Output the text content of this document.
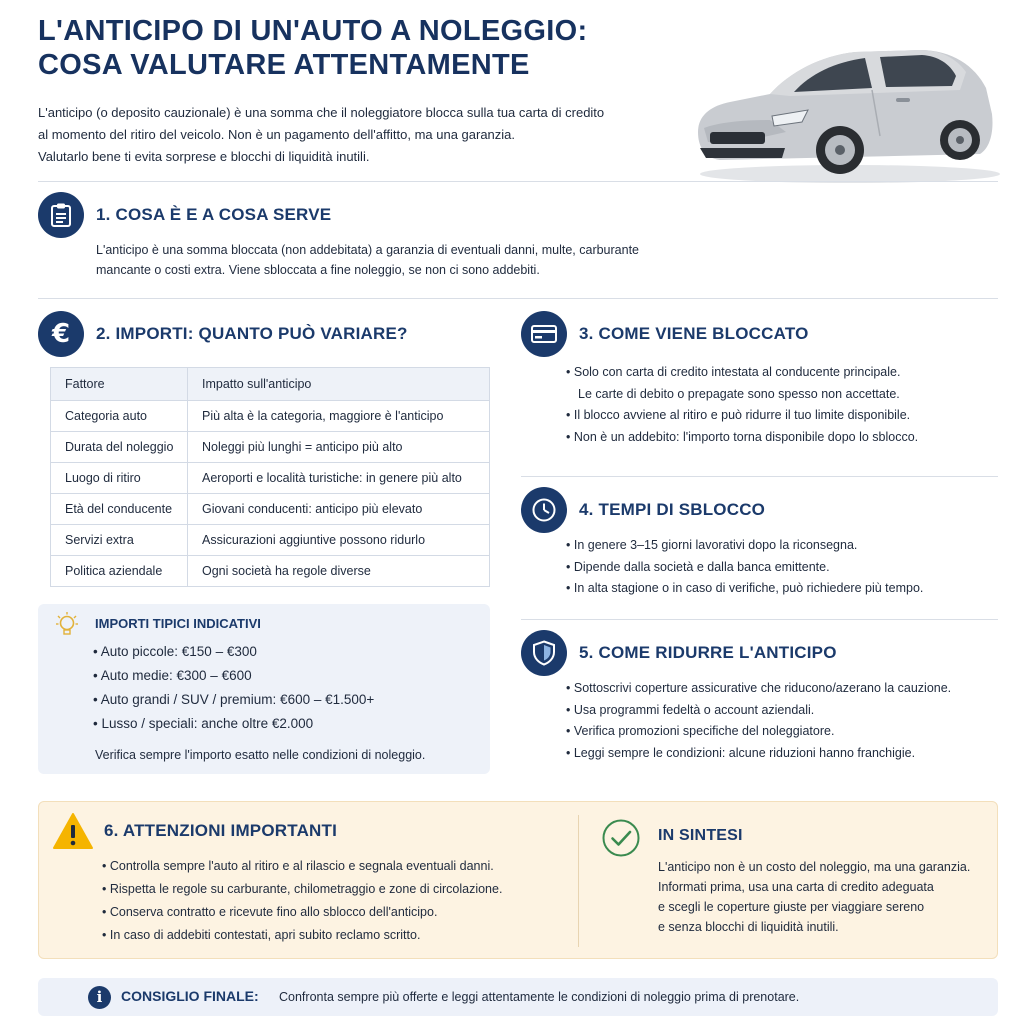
L'ANTICIPO DI UN'AUTO A NOLEGGIO:
COSA VALUTARE ATTENTAMENTE
L'anticipo (o deposito cauzionale) è una somma che il noleggiatore blocca sulla tua carta di credito
al momento del ritiro del veicolo. Non è un pagamento dell'affitto, ma una garanzia.
Valutarlo bene ti evita sorprese e blocchi di liquidità inutili.
1. COSA È E A COSA SERVE
L'anticipo è una somma bloccata (non addebitata) a garanzia di eventuali danni, multe, carburante
mancante o costi extra. Viene sbloccata a fine noleggio, se non ci sono addebiti.
€ 2. IMPORTI: QUANTO PUÒ VARIARE?
Fattore	Impatto sull'anticipo
Categoria auto	Più alta è la categoria, maggiore è l'anticipo
Durata del noleggio	Noleggi più lunghi = anticipo più alto
Luogo di ritiro	Aeroporti e località turistiche: in genere più alto
Età del conducente	Giovani conducenti: anticipo più elevato
Servizi extra	Assicurazioni aggiuntive possono ridurlo
Politica aziendale	Ogni società ha regole diverse
IMPORTI TIPICI INDICATIVI
• Auto piccole: €150 – €300
• Auto medie: €300 – €600
• Auto grandi / SUV / premium: €600 – €1.500+
• Lusso / speciali: anche oltre €2.000
Verifica sempre l'importo esatto nelle condizioni di noleggio.
3. COME VIENE BLOCCATO
• Solo con carta di credito intestata al conducente principale.
Le carte di debito o prepagate sono spesso non accettate.
• Il blocco avviene al ritiro e può ridurre il tuo limite disponibile.
• Non è un addebito: l'importo torna disponibile dopo lo sblocco.
4. TEMPI DI SBLOCCO
• In genere 3–15 giorni lavorativi dopo la riconsegna.
• Dipende dalla società e dalla banca emittente.
• In alta stagione o in caso di verifiche, può richiedere più tempo.
5. COME RIDURRE L'ANTICIPO
• Sottoscrivi coperture assicurative che riducono/azerano la cauzione.
• Usa programmi fedeltà o account aziendali.
• Verifica promozioni specifiche del noleggiatore.
• Leggi sempre le condizioni: alcune riduzioni hanno franchigie.
6. ATTENZIONI IMPORTANTI
• Controlla sempre l'auto al ritiro e al rilascio e segnala eventuali danni.
• Rispetta le regole su carburante, chilometraggio e zone di circolazione.
• Conserva contratto e ricevute fino allo sblocco dell'anticipo.
• In caso di addebiti contestati, apri subito reclamo scritto.
IN SINTESI
L'anticipo non è un costo del noleggio, ma una garanzia.
Informati prima, usa una carta di credito adeguata
e scegli le coperture giuste per viaggiare sereno
e senza blocchi di liquidità inutili.
i CONSIGLIO FINALE: Confronta sempre più offerte e leggi attentamente le condizioni di noleggio prima di prenotare.
